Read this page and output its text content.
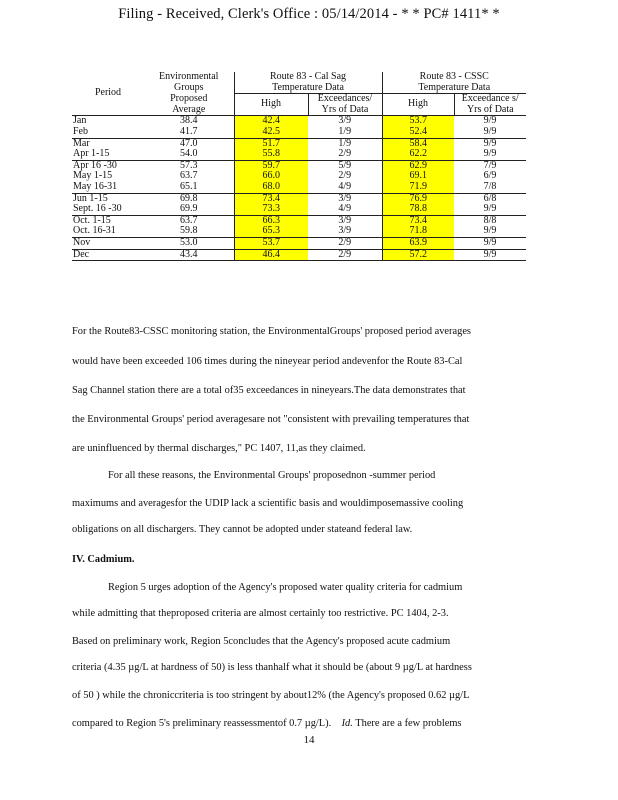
Filing - Received, Clerk's Office : 05/14/2014 - * * PC# 1411* *
Period	Environmental	Route 83 - Cal Sag		Route 83 - CSSC	
	Groups	Temperature Data		Temperature Data	
	Proposed	High	Exceedances/	High	Exceedance s/
	Average		Yrs of Data		Yrs of Data
Jan	38.4	42.4	3/9	53.7	9/9
Feb	41.7	42.5	1/9	52.4	9/9
Mar	47.0	51.7	1/9	58.4	9/9
Apr 1-15	54.0	55.8	2/9	62.2	9/9
Apr 16 -30	57.3	59.7	5/9	62.9	7/9
May 1-15	63.7	66.0	2/9	69.1	6/9
May 16-31	65.1	68.0	4/9	71.9	7/8
Jun 1-15	69.8	73.4	3/9	76.9	6/8
Sept. 16 -30	69.9	73.3	4/9	78.8	9/9
Oct. 1-15	63.7	66.3	3/9	73.4	8/8
Oct. 16-31	59.8	65.3	3/9	71.8	9/9
Nov	53.0	53.7	2/9	63.9	9/9
Dec	43.4	46.4	2/9	57.2	9/9
For the Route83-CSSC monitoring station, the EnvironmentalGroups' proposed period averages
would have been exceeded 106 times during the nineyear period andevenfor the Route 83-Cal
Sag Channel station there are a total of35 exceedances in nineyears.The data demonstrates that
the Environmental Groups' period averagesare not "consistent with prevailing temperatures that
are uninfluenced by thermal discharges," PC 1407, 11,as they claimed.
For all these reasons, the Environmental Groups' proposednon -summer period
maximums and averagesfor the UDIP lack a scientific basis and wouldimposemassive cooling
obligations on all dischargers. They cannot be adopted under stateand federal law.
IV. Cadmium.
Region 5 urges adoption of the Agency's proposed water quality criteria for cadmium
while admitting that theproposed criteria are almost certainly too restrictive. PC 1404, 2-3.
Based on preliminary work, Region 5concludes that the Agency's proposed acute cadmium
criteria (4.35 µg/L at hardness of 50) is less thanhalf what it should be (about 9 µg/L at hardness
of 50 ) while the chroniccriteria is too stringent by about12% (the Agency's proposed 0.62 µg/L
compared to Region 5's preliminary reassessmentof 0.7 µg/L). Id. There are a few problems
14
